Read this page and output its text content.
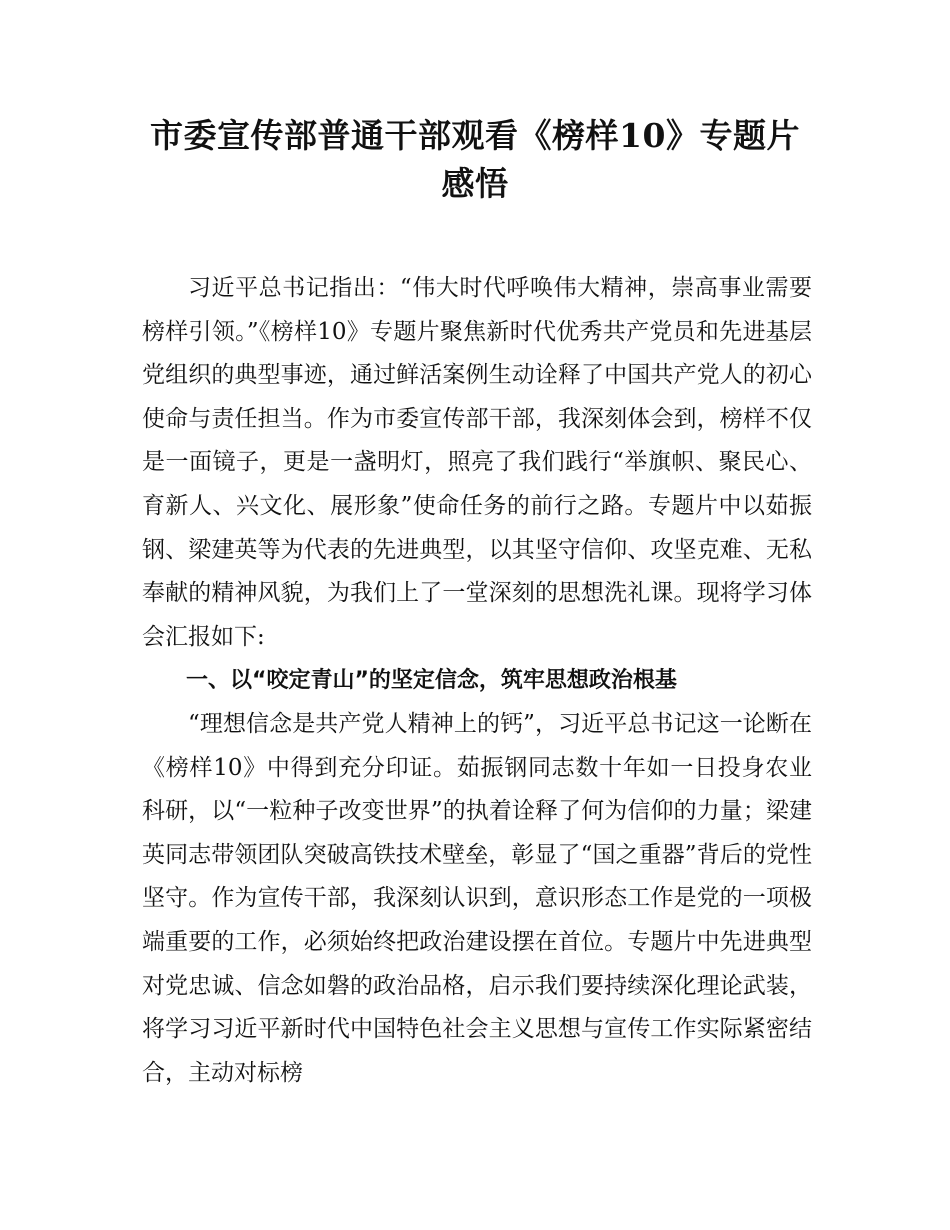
市委宣传部普通干部观看《榜样10》专题片
感悟

习近平总书记指出：“伟大时代呼唤伟大精神，崇高事业需要榜样引领。”《榜样10》专题片聚焦新时代优秀共产党员和先进基层党组织的典型事迹，通过鲜活案例生动诠释了中国共产党人的初心使命与责任担当。作为市委宣传部干部，我深刻体会到，榜样不仅是一面镜子，更是一盏明灯，照亮了我们践行“举旗帜、聚民心、育新人、兴文化、展形象”使命任务的前行之路。专题片中以茹振钢、梁建英等为代表的先进典型，以其坚守信仰、攻坚克难、无私奉献的精神风貌，为我们上了一堂深刻的思想洗礼课。现将学习体会汇报如下:

一、以“咬定青山”的坚定信念，筑牢思想政治根基

“理想信念是共产党人精神上的钙”，习近平总书记这一论断在《榜样10》中得到充分印证。茹振钢同志数十年如一日投身农业科研，以“一粒种子改变世界”的执着诠释了何为信仰的力量；梁建英同志带领团队突破高铁技术壁垒，彰显了“国之重器”背后的党性坚守。作为宣传干部，我深刻认识到，意识形态工作是党的一项极端重要的工作，必须始终把政治建设摆在首位。专题片中先进典型对党忠诚、信念如磐的政治品格，启示我们要持续深化理论武装，将学习习近平新时代中国特色社会主义思想与宣传工作实际紧密结合，主动对标榜
